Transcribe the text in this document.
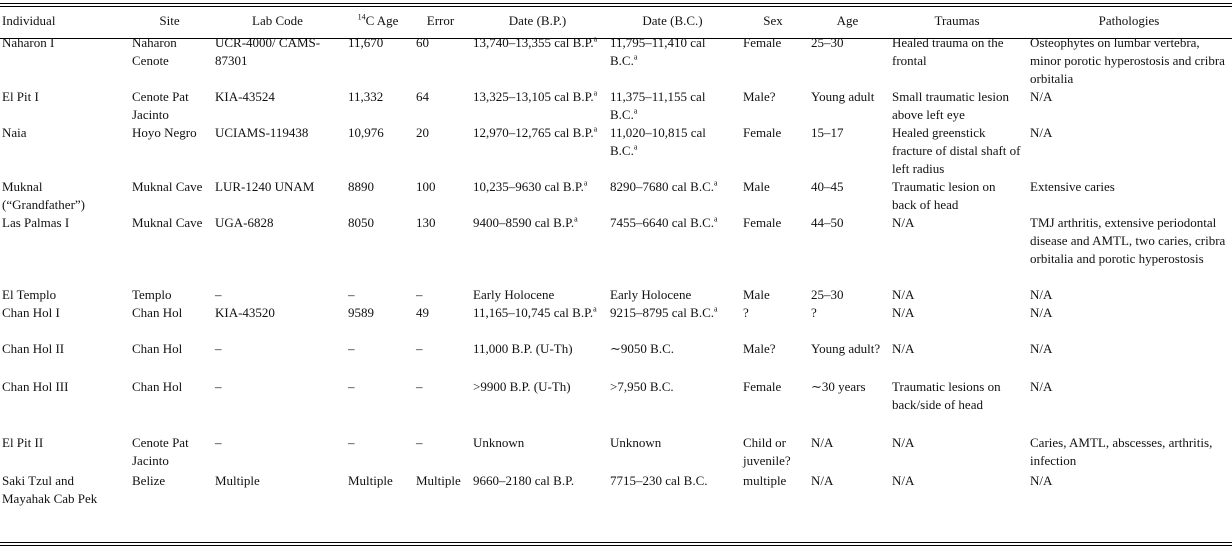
Individual	Site	Lab Code	$^{14}$C Age	Error	Date (B.P.)	Date (B.C.)	Sex	Age	Traumas	Pathologies
Naharon I	Naharon Cenote	UCR-4000/ CAMS-87301	11,670	60	13,740–13,355 cal B.P.$^a$	11,795–11,410 cal B.C.$^a$	Female	25–30	Healed trauma on the frontal	Osteophytes on lumbar vertebra, minor porotic hyperostosis and cribra orbitalia
El Pit I	Cenote Pat Jacinto	KIA-43524	11,332	64	13,325–13,105 cal B.P.$^a$	11,375–11,155 cal B.C.$^a$	Male?	Young adult	Small traumatic lesion above left eye	N/A
Naia	Hoyo Negro	UCIAMS-119438	10,976	20	12,970–12,765 cal B.P.$^a$	11,020–10,815 cal B.C.$^a$	Female	15–17	Healed greenstick fracture of distal shaft of left radius	N/A
Muknal (“Grandfather”)	Muknal Cave	LUR-1240 UNAM	8890	100	10,235–9630 cal B.P.$^a$	8290–7680 cal B.C.$^a$	Male	40–45	Traumatic lesion on back of head	Extensive caries
Las Palmas I	Muknal Cave	UGA-6828	8050	130	9400–8590 cal B.P.$^a$	7455–6640 cal B.C.$^a$	Female	44–50	N/A	TMJ arthritis, extensive periodontal disease and AMTL, two caries, cribra orbitalia and porotic hyperostosis
El Templo	Templo	–	–	–	Early Holocene	Early Holocene	Male	25–30	N/A	N/A
Chan Hol I	Chan Hol	KIA-43520	9589	49	11,165–10,745 cal B.P.$^a$	9215–8795 cal B.C.$^a$	?	?	N/A	N/A
Chan Hol II	Chan Hol	–	–	–	11,000 B.P. (U-Th)	∼9050 B.C.	Male?	Young adult?	N/A	N/A
Chan Hol III	Chan Hol	–	–	–	>9900 B.P. (U-Th)	>7,950 B.C.	Female	∼30 years	Traumatic lesions on back/side of head	N/A
El Pit II	Cenote Pat Jacinto	–	–	–	Unknown	Unknown	Child or juvenile?	N/A	N/A	Caries, AMTL, abscesses, arthritis, infection
Saki Tzul and Mayahak Cab Pek	Belize	Multiple	Multiple	Multiple	9660–2180 cal B.P.	7715–230 cal B.C.	multiple	N/A	N/A	N/A
